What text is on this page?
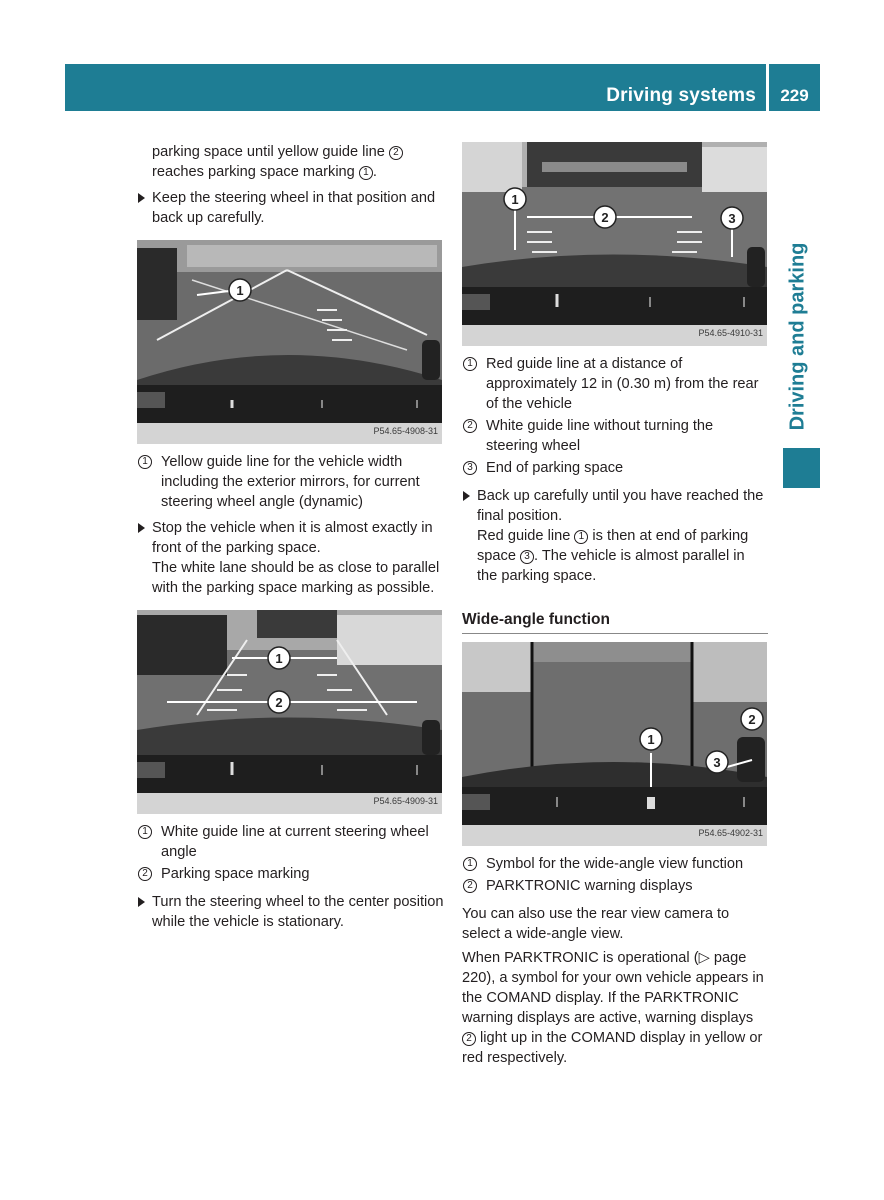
Driving systems	229
Driving and parking

parking space until yellow guide line 2
reaches parking space marking 1 .

Keep the steering wheel in that position and back up carefully.

1
P54.65-4908-31

1 Yellow guide line for the vehicle width including the exterior mirrors, for current steering wheel angle (dynamic)

Stop the vehicle when it is almost exactly in front of the parking space.
The white lane should be as close to parallel with the parking space marking as possible.

1
2
P54.65-4909-31

1 White guide line at current steering wheel angle

2 Parking space marking

Turn the steering wheel to the center position while the vehicle is stationary.

1
2	3
P54.65-4910-31

1 Red guide line at a distance of approximately 12 in (0.30 m) from the rear of the vehicle

2 White guide line without turning the steering wheel

3 End of parking space

Back up carefully until you have reached the final position.
Red guide line 1 is then at end of parking space 3 . The vehicle is almost parallel in the parking space.

Wide-angle function

1
2
3
P54.65-4902-31

1 Symbol for the wide-angle view function

2 PARKTRONIC warning displays

You can also use the rear view camera to select a wide-angle view.

When PARKTRONIC is operational (▷ page 220), a symbol for your own vehicle appears in the COMAND display. If the PARKTRONIC warning displays are active, warning displays 2 light up in the COMAND display in yellow or red respectively.
